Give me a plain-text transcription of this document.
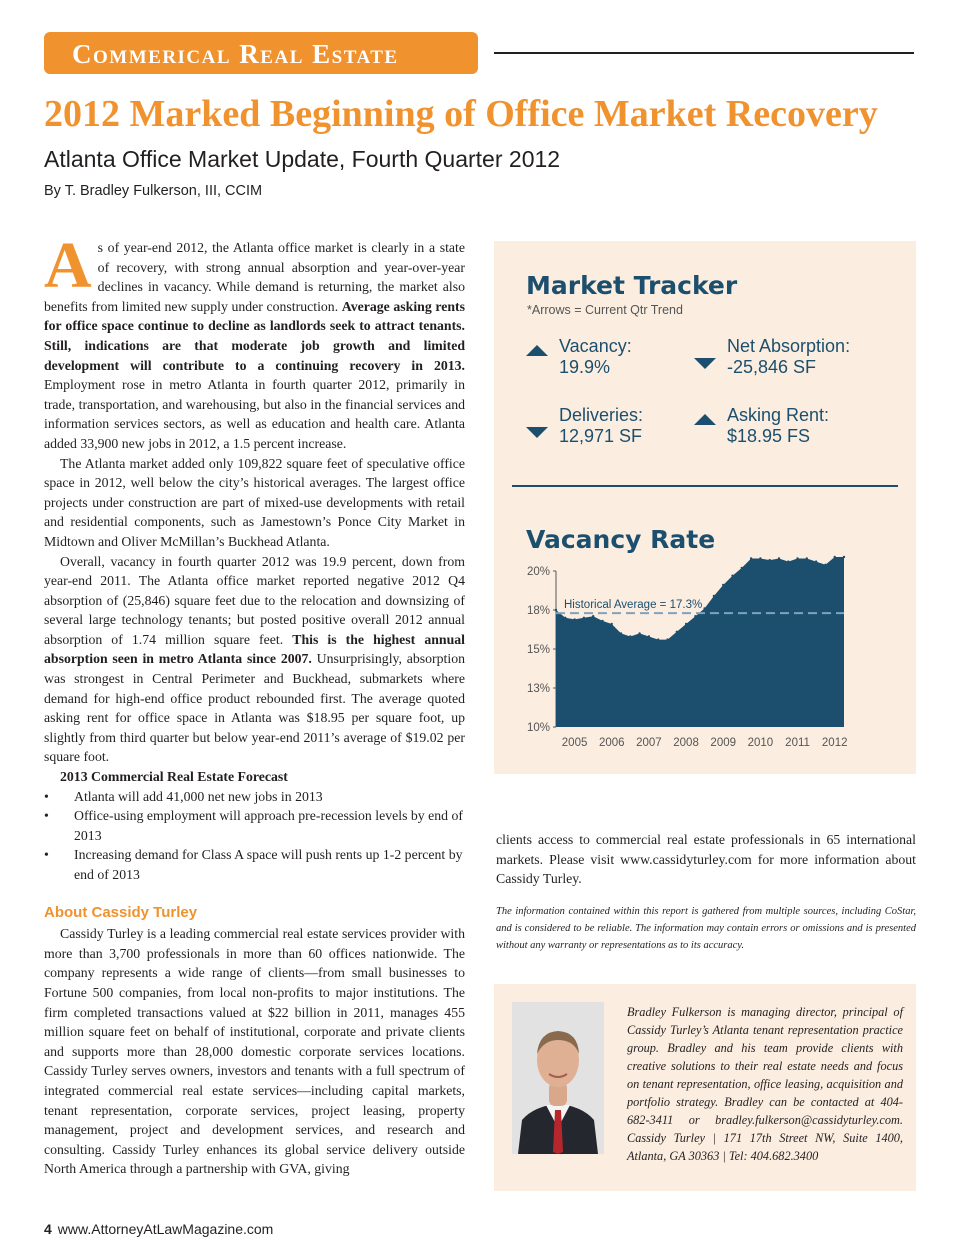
Commerical Real Estate
2012 Marked Beginning of Office Market Recovery
Atlanta Office Market Update, Fourth Quarter 2012
By T. Bradley Fulkerson, III, CCIM

As of year-end 2012, the Atlanta office market is clearly in a state of recovery, with strong annual absorption and year-over-year declines in vacancy. While demand is returning, the market also benefits from limited new supply under construction. Average asking rents for office space continue to decline as landlords seek to attract tenants. Still, indications are that moderate job growth and limited development will contribute to a continuing recovery in 2013. Employment rose in metro Atlanta in fourth quarter 2012, primarily in trade, transportation, and warehousing, but also in the financial services and information services sectors, as well as education and health care. Atlanta added 33,900 new jobs in 2012, a 1.5 percent increase.

The Atlanta market added only 109,822 square feet of speculative office space in 2012, well below the city’s historical averages. The largest office projects under construction are part of mixed-use developments with retail and residential components, such as Jamestown’s Ponce City Market in Midtown and Oliver McMillan’s Buckhead Atlanta.

Overall, vacancy in fourth quarter 2012 was 19.9 percent, down from year-end 2011. The Atlanta office market reported negative 2012 Q4 absorption of (25,846) square feet due to the relocation and downsizing of several large technology tenants; but posted positive overall 2012 annual absorption of 1.74 million square feet. This is the highest annual absorption seen in metro Atlanta since 2007. Unsurprisingly, absorption was strongest in Central Perimeter and Buckhead, submarkets where demand for high-end office product rebounded first. The average quoted asking rent for office space in Atlanta was $18.95 per square foot, up slightly from third quarter but below year-end 2011’s average of $19.02 per square foot.

2013 Commercial Real Estate Forecast

• Atlanta will add 41,000 net new jobs in 2013
• Office-using employment will approach pre-recession levels by end of 2013
• Increasing demand for Class A space will push rents up 1-2 percent by end of 2013

About Cassidy Turley

Cassidy Turley is a leading commercial real estate services provider with more than 3,700 professionals in more than 60 offices nationwide. The company represents a wide range of clients—from small businesses to Fortune 500 companies, from local non-profits to major institutions. The firm completed transactions valued at $22 billion in 2011, manages 455 million square feet on behalf of institutional, corporate and private clients and supports more than 28,000 domestic corporate services locations. Cassidy Turley serves owners, investors and tenants with a full spectrum of integrated commercial real estate services—including capital markets, tenant representation, corporate services, project leasing, property management, project and development services, and research and consulting. Cassidy Turley enhances its global service delivery outside North America through a partnership with GVA, giving

Market Tracker
*Arrows = Current Qtr Trend
Vacancy:
19.9%
Net Absorption:
-25,846 SF
Deliveries:
12,971 SF
Asking Rent:
$18.95 FS
Vacancy Rate
10%
13%
15%
18%
20%
Historical Average = 17.3%
2005 2006 2007 2008 2009 2010 2011 2012

clients access to commercial real estate professionals in 65 international markets. Please visit www.cassidyturley.com for more information about Cassidy Turley.

The information contained within this report is gathered from multiple sources, including CoStar, and is considered to be reliable. The information may contain errors or omissions and is presented without any warranty or representations as to its accuracy.
Bradley Fulkerson is managing director, principal of Cassidy Turley’s Atlanta tenant representation practice group. Bradley and his team provide clients with creative solutions to their real estate needs and focus on tenant representation, office leasing, acquisition and portfolio strategy. Bradley can be contacted at 404-682-3411 or bradley.fulkerson@cassidyturley.com. Cassidy Turley | 171 17th Street NW, Suite 1400, Atlanta, GA 30363 | Tel: 404.682.3400
4 www.AttorneyAtLawMagazine.com
